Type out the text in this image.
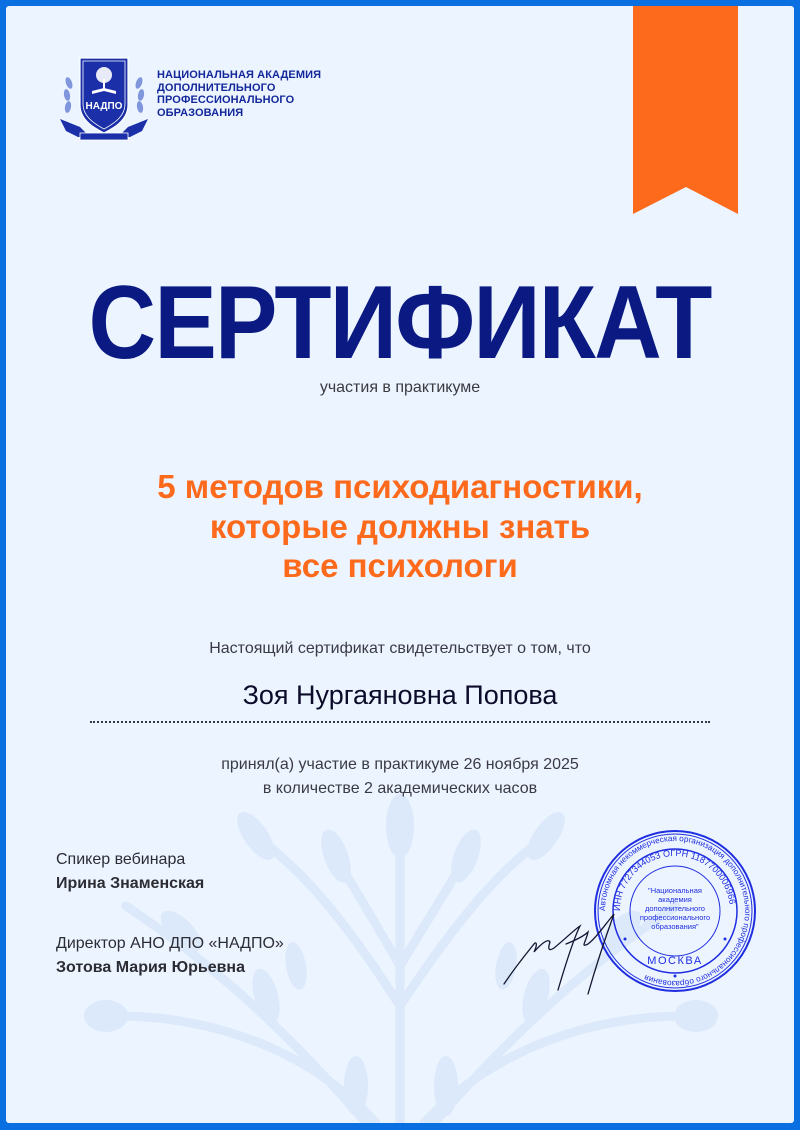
НАДПО
НАЦИОНАЛЬНАЯ АКАДЕМИЯ
ДОПОЛНИТЕЛЬНОГО
ПРОФЕССИОНАЛЬНОГО
ОБРАЗОВАНИЯ
СЕРТИФИКАТ
участия в практикуме
5 методов психодиагностики,
которые должны знать
все психологи
Настоящий сертификат свидетельствует о том, что
Зоя Нургаяновна Попова
принял(а) участие в практикуме 26 ноября 2025
в количестве 2 академических часов
Спикер вебинара
Ирина Знаменская
Директор АНО ДПО «НАДПО»
Зотова Мария Юрьевна
Автономная некоммерческая организация дополнительного профессионального образования
ИНН 7727344053 ОГРН 1187700006966
"Национальная
академия
дополнительного
профессионального
образования"
МОСКВА
